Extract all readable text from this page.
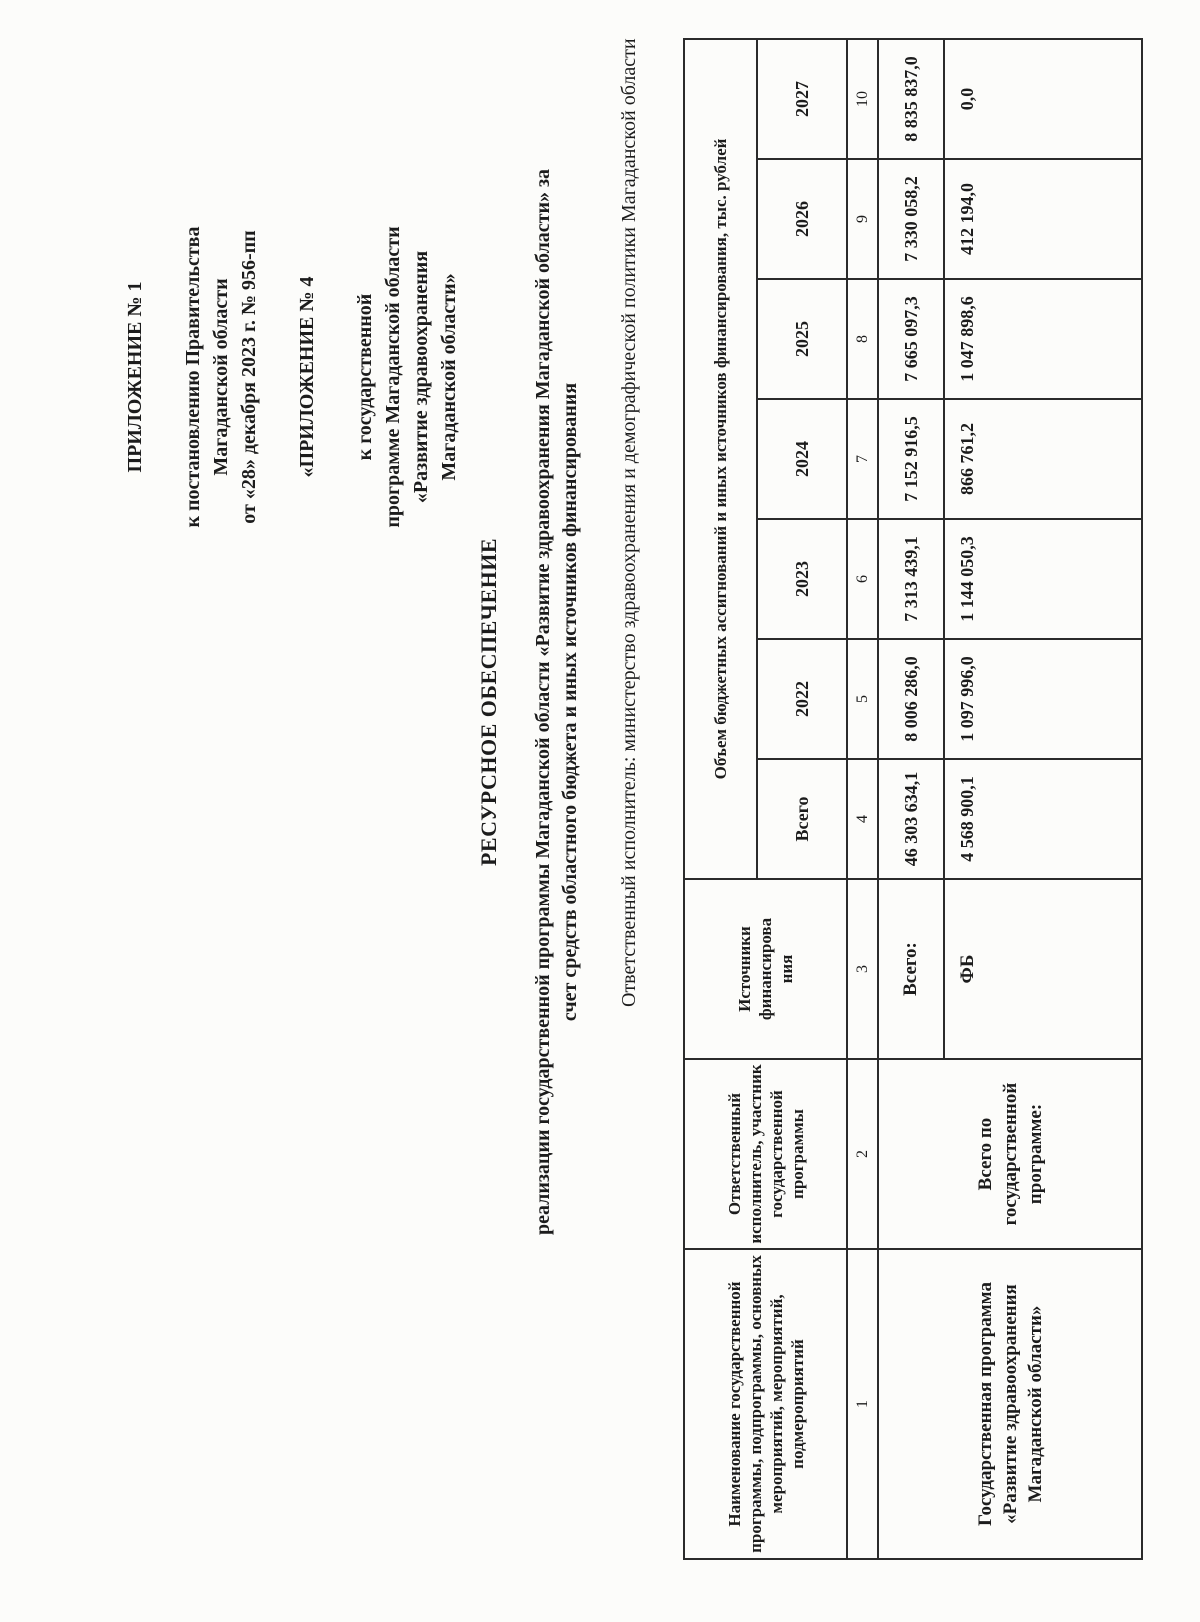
ПРИЛОЖЕНИЕ № 1 к постановлению Правительства Магаданской области от «28» декабря 2023 г. № 956-пп «ПРИЛОЖЕНИЕ № 4 к государственной программе Магаданской области «Развитие здравоохранения Магаданской области»
РЕСУРСНОЕ ОБЕСПЕЧЕНИЕ реализации государственной программы Магаданской области «Развитие здравоохранения Магаданской области» за счет средств областного бюджета и иных источников финансирования Ответственный исполнитель: министерство здравоохранения и демографической политики Магаданской области
Наименование государственной программы, подпрограммы, основных мероприятий, мероприятий, подмероприятий	Ответственный исполнитель, участник государственной программы	Источники финансирова ния	Объем бюджетных ассигнований и иных источников финансирования, тыс. рублей						
			Всего	2022	2023	2024	2025	2026	2027
1	2	3	4	5	6	7	8	9	10
Государственная программа «Развитие здравоохранения Магаданской области»	Всего по государственной программе:	Всего:	46 303 634,1	8 006 286,0	7 313 439,1	7 152 916,5	7 665 097,3	7 330 058,2	8 835 837,0
		ФБ	4 568 900,1	1 097 996,0	1 144 050,3	866 761,2	1 047 898,6	412 194,0	0,0
